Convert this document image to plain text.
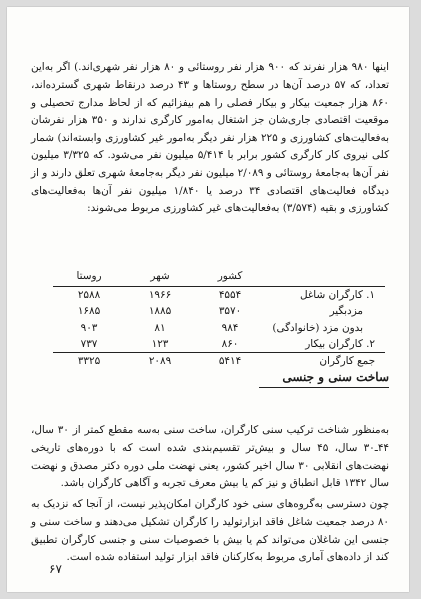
اینها ۹۸۰ هزار نفرند که ۹۰۰ هزار نفر روستائی و ۸۰ هزار نفر شهری‌اند.) اگر به‌این تعداد، که ۵۷ درصد آن‌ها در سطح روستاها و ۴۳ درصد درنقاط شهری گسترده‌اند، ۸۶۰ هزار جمعیت بیکار و بیکار فصلی را هم بیفزائیم که از لحاظ مدارج تحصیلی و موقعیت اقتصادی جاری‌شان جز اشتغال به‌امور کارگری ندارند و ۳۵۰ هزار نفرشان به‌فعالیت‌های کشاورزی و ۲۲۵ هزار نفر دیگر به‌امور غیر کشاورزی وابسته‌اند) شمار کلی نیروی کار کارگری کشور برابر با ۵/۴۱۴ میلیون نفر می‌شود. که ۳/۳۲۵ میلیون نفر آن‌ها به‌جامعهٔ روستائی و ۲/۰۸۹ میلیون نفر دیگر به‌جامعهٔ شهری تعلق دارند و از دیدگاه فعالیت‌های اقتصادی ۳۴ درصد یا ۱/۸۴۰ میلیون نفر آن‌ها به‌فعالیت‌های کشاورزی و بقیه (۳/۵۷۴) به‌فعالیت‌های غیر کشاورزی مربوط می‌شوند:

	کشور	شهر	روستا
۱. کارگران شاغل	۴۵۵۴	۱۹۶۶	۲۵۸۸
مزدبگیر	۳۵۷۰	۱۸۸۵	۱۶۸۵
بدون مزد (خانوادگی)	۹۸۴	۸۱	۹۰۳
۲. کارگران بیکار	۸۶۰	۱۲۳	۷۳۷
جمع کارگران	۵۴۱۴	۲۰۸۹	۳۳۲۵
ساخت سنی و جنسی

به‌منظور شناخت ترکیب سنی کارگران، ساخت سنی به‌سه مقطع کمتر از ۳۰ سال، ۴۴ـ۳۰ سال، ۴۵ سال و بیش‌تر تقسیم‌بندی شده است که با دوره‌های تاریخی نهضت‌های انقلابی ۳۰ سال اخیر کشور، یعنی نهضت ملی دوره دکتر مصدق و نهضت سال ۱۳۴۲ قابل انطباق و نیز کم یا بیش معرف تجربه و آگاهی کارگران باشد.

چون دسترسی به‌گروه‌های سنی خود کارگران امکان‌پذیر نیست، از آنجا که نزدیک به ۸۰ درصد جمعیت شاغل فاقد ابزارتولید را کارگران تشکیل می‌دهند و ساخت سنی و جنسی این شاغلان می‌تواند کم یا بیش با خصوصیات سنی و جنسی کارگران تطبیق کند از داده‌های آماری مربوط به‌کارکنان فاقد ابزار تولید استفاده شده است.

۶۷
